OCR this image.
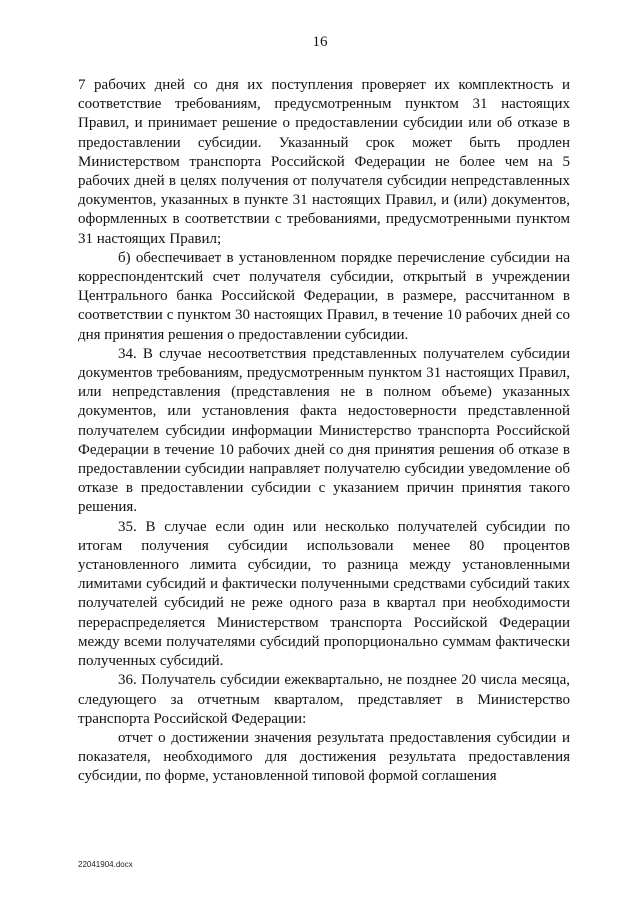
16

7 рабочих дней со дня их поступления проверяет их комплектность и соответствие требованиям, предусмотренным пунктом 31 настоящих Правил, и принимает решение о предоставлении субсидии или об отказе в предоставлении субсидии. Указанный срок может быть продлен Министерством транспорта Российской Федерации не более чем на 5 рабочих дней в целях получения от получателя субсидии непредставленных документов, указанных в пункте 31 настоящих Правил, и (или) документов, оформленных в соответствии с требованиями, предусмотренными пунктом 31 настоящих Правил;

б) обеспечивает в установленном порядке перечисление субсидии на корреспондентский счет получателя субсидии, открытый в учреждении Центрального банка Российской Федерации, в размере, рассчитанном в соответствии с пунктом 30 настоящих Правил, в течение 10 рабочих дней со дня принятия решения о предоставлении субсидии.

34. В случае несоответствия представленных получателем субсидии документов требованиям, предусмотренным пунктом 31 настоящих Правил, или непредставления (представления не в полном объеме) указанных документов, или установления факта недостоверности представленной получателем субсидии информации Министерство транспорта Российской Федерации в течение 10 рабочих дней со дня принятия решения об отказе в предоставлении субсидии направляет получателю субсидии уведомление об отказе в предоставлении субсидии с указанием причин принятия такого решения.

35. В случае если один или несколько получателей субсидии по итогам получения субсидии использовали менее 80 процентов установленного лимита субсидии, то разница между установленными лимитами субсидий и фактически полученными средствами субсидий таких получателей субсидий не реже одного раза в квартал при необходимости перераспределяется Министерством транспорта Российской Федерации между всеми получателями субсидий пропорционально суммам фактически полученных субсидий.

36. Получатель субсидии ежеквартально, не позднее 20 числа месяца, следующего за отчетным кварталом, представляет в Министерство транспорта Российской Федерации:

отчет о достижении значения результата предоставления субсидии и показателя, необходимого для достижения результата предоставления субсидии, по форме, установленной типовой формой соглашения

22041904.docx
